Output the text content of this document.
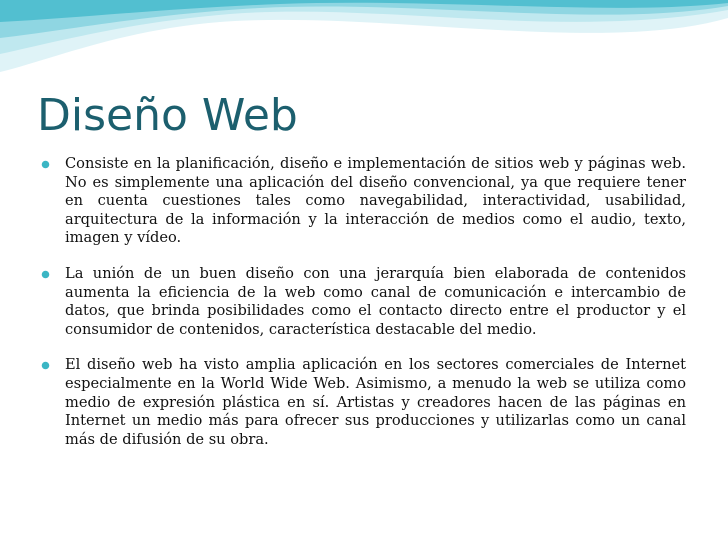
Diseño Web
Consiste en la planificación, diseño e implementación de sitios web y páginas web. No es simplemente una aplicación del diseño convencional, ya que requiere tener en cuenta cuestiones tales como navegabilidad, interactividad, usabilidad, arquitectura de la información y la interacción de medios como el audio, texto, imagen y vídeo.
La unión de un buen diseño con una jerarquía bien elaborada de contenidos aumenta la eficiencia de la web como canal de comunicación e intercambio de datos, que brinda posibilidades como el contacto directo entre el productor y el consumidor de contenidos, característica destacable del medio.
El diseño web ha visto amplia aplicación en los sectores comerciales de Internet especialmente en la World Wide Web. Asimismo, a menudo la web se utiliza como medio de expresión plástica en sí. Artistas y creadores hacen de las páginas en Internet un medio más para ofrecer sus producciones y utilizarlas como un canal más de difusión de su obra.
